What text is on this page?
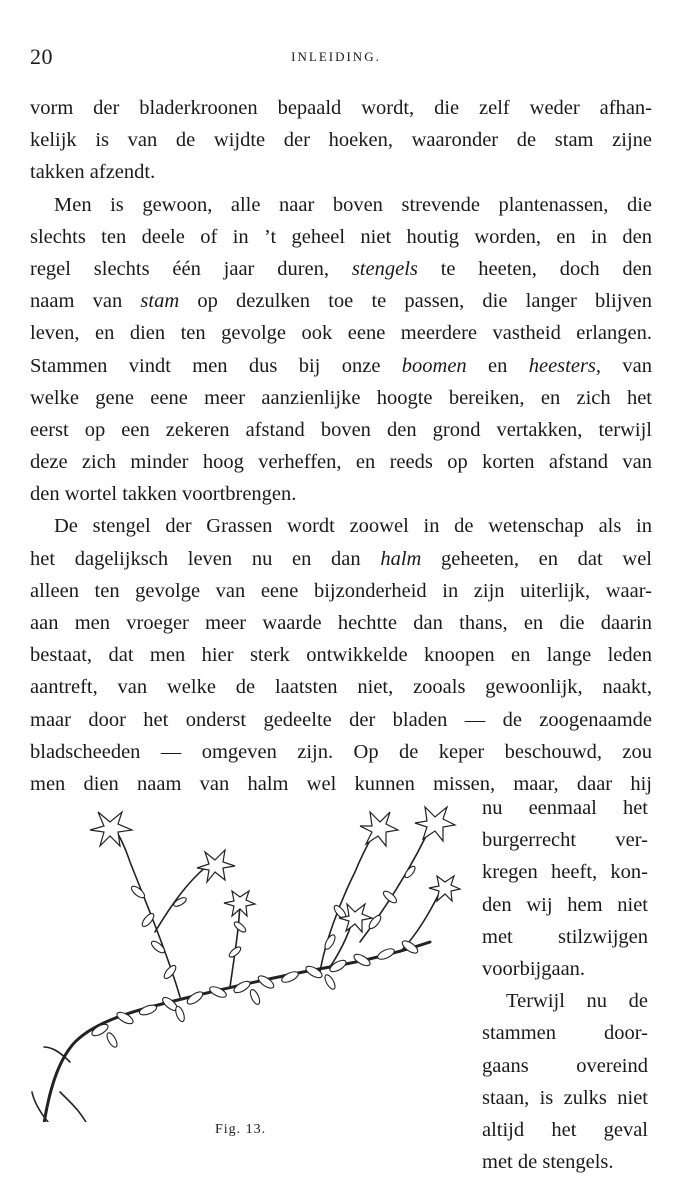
20	INLEIDING.
vorm der bladerkroonen bepaald wordt, die zelf weder afhan-
kelijk is van de wijdte der hoeken, waaronder de stam zijne
takken afzendt.
Men is gewoon, alle naar boven strevende plantenassen, die
slechts ten deele of in ’t geheel niet houtig worden, en in den
regel slechts één jaar duren, stengels te heeten, doch den
naam van stam op dezulken toe te passen, die langer blijven
leven, en dien ten gevolge ook eene meerdere vastheid erlangen.
Stammen vindt men dus bij onze boomen en heesters, van
welke gene eene meer aanzienlijke hoogte bereiken, en zich het
eerst op een zekeren afstand boven den grond vertakken, terwijl
deze zich minder hoog verheffen, en reeds op korten afstand van
den wortel takken voortbrengen.
De stengel der Grassen wordt zoowel in de wetenschap als in
het dagelijksch leven nu en dan halm geheeten, en dat wel
alleen ten gevolge van eene bijzonderheid in zijn uiterlijk, waar-
aan men vroeger meer waarde hechtte dan thans, en die daarin
bestaat, dat men hier sterk ontwikkelde knoopen en lange leden
aantreft, van welke de laatsten niet, zooals gewoonlijk, naakt,
maar door het onderst gedeelte der bladen — de zoogenaamde
bladscheeden — omgeven zijn. Op de keper beschouwd, zou
men dien naam van halm wel kunnen missen, maar, daar hij
Fig. 13.
nu eenmaal het
burgerrecht ver-
kregen heeft, kon-
den wij hem niet
met stilzwijgen
voorbijgaan.
Terwijl nu de
stammen door-
gaans overeind
staan, is zulks niet
altijd het geval
met de stengels.
